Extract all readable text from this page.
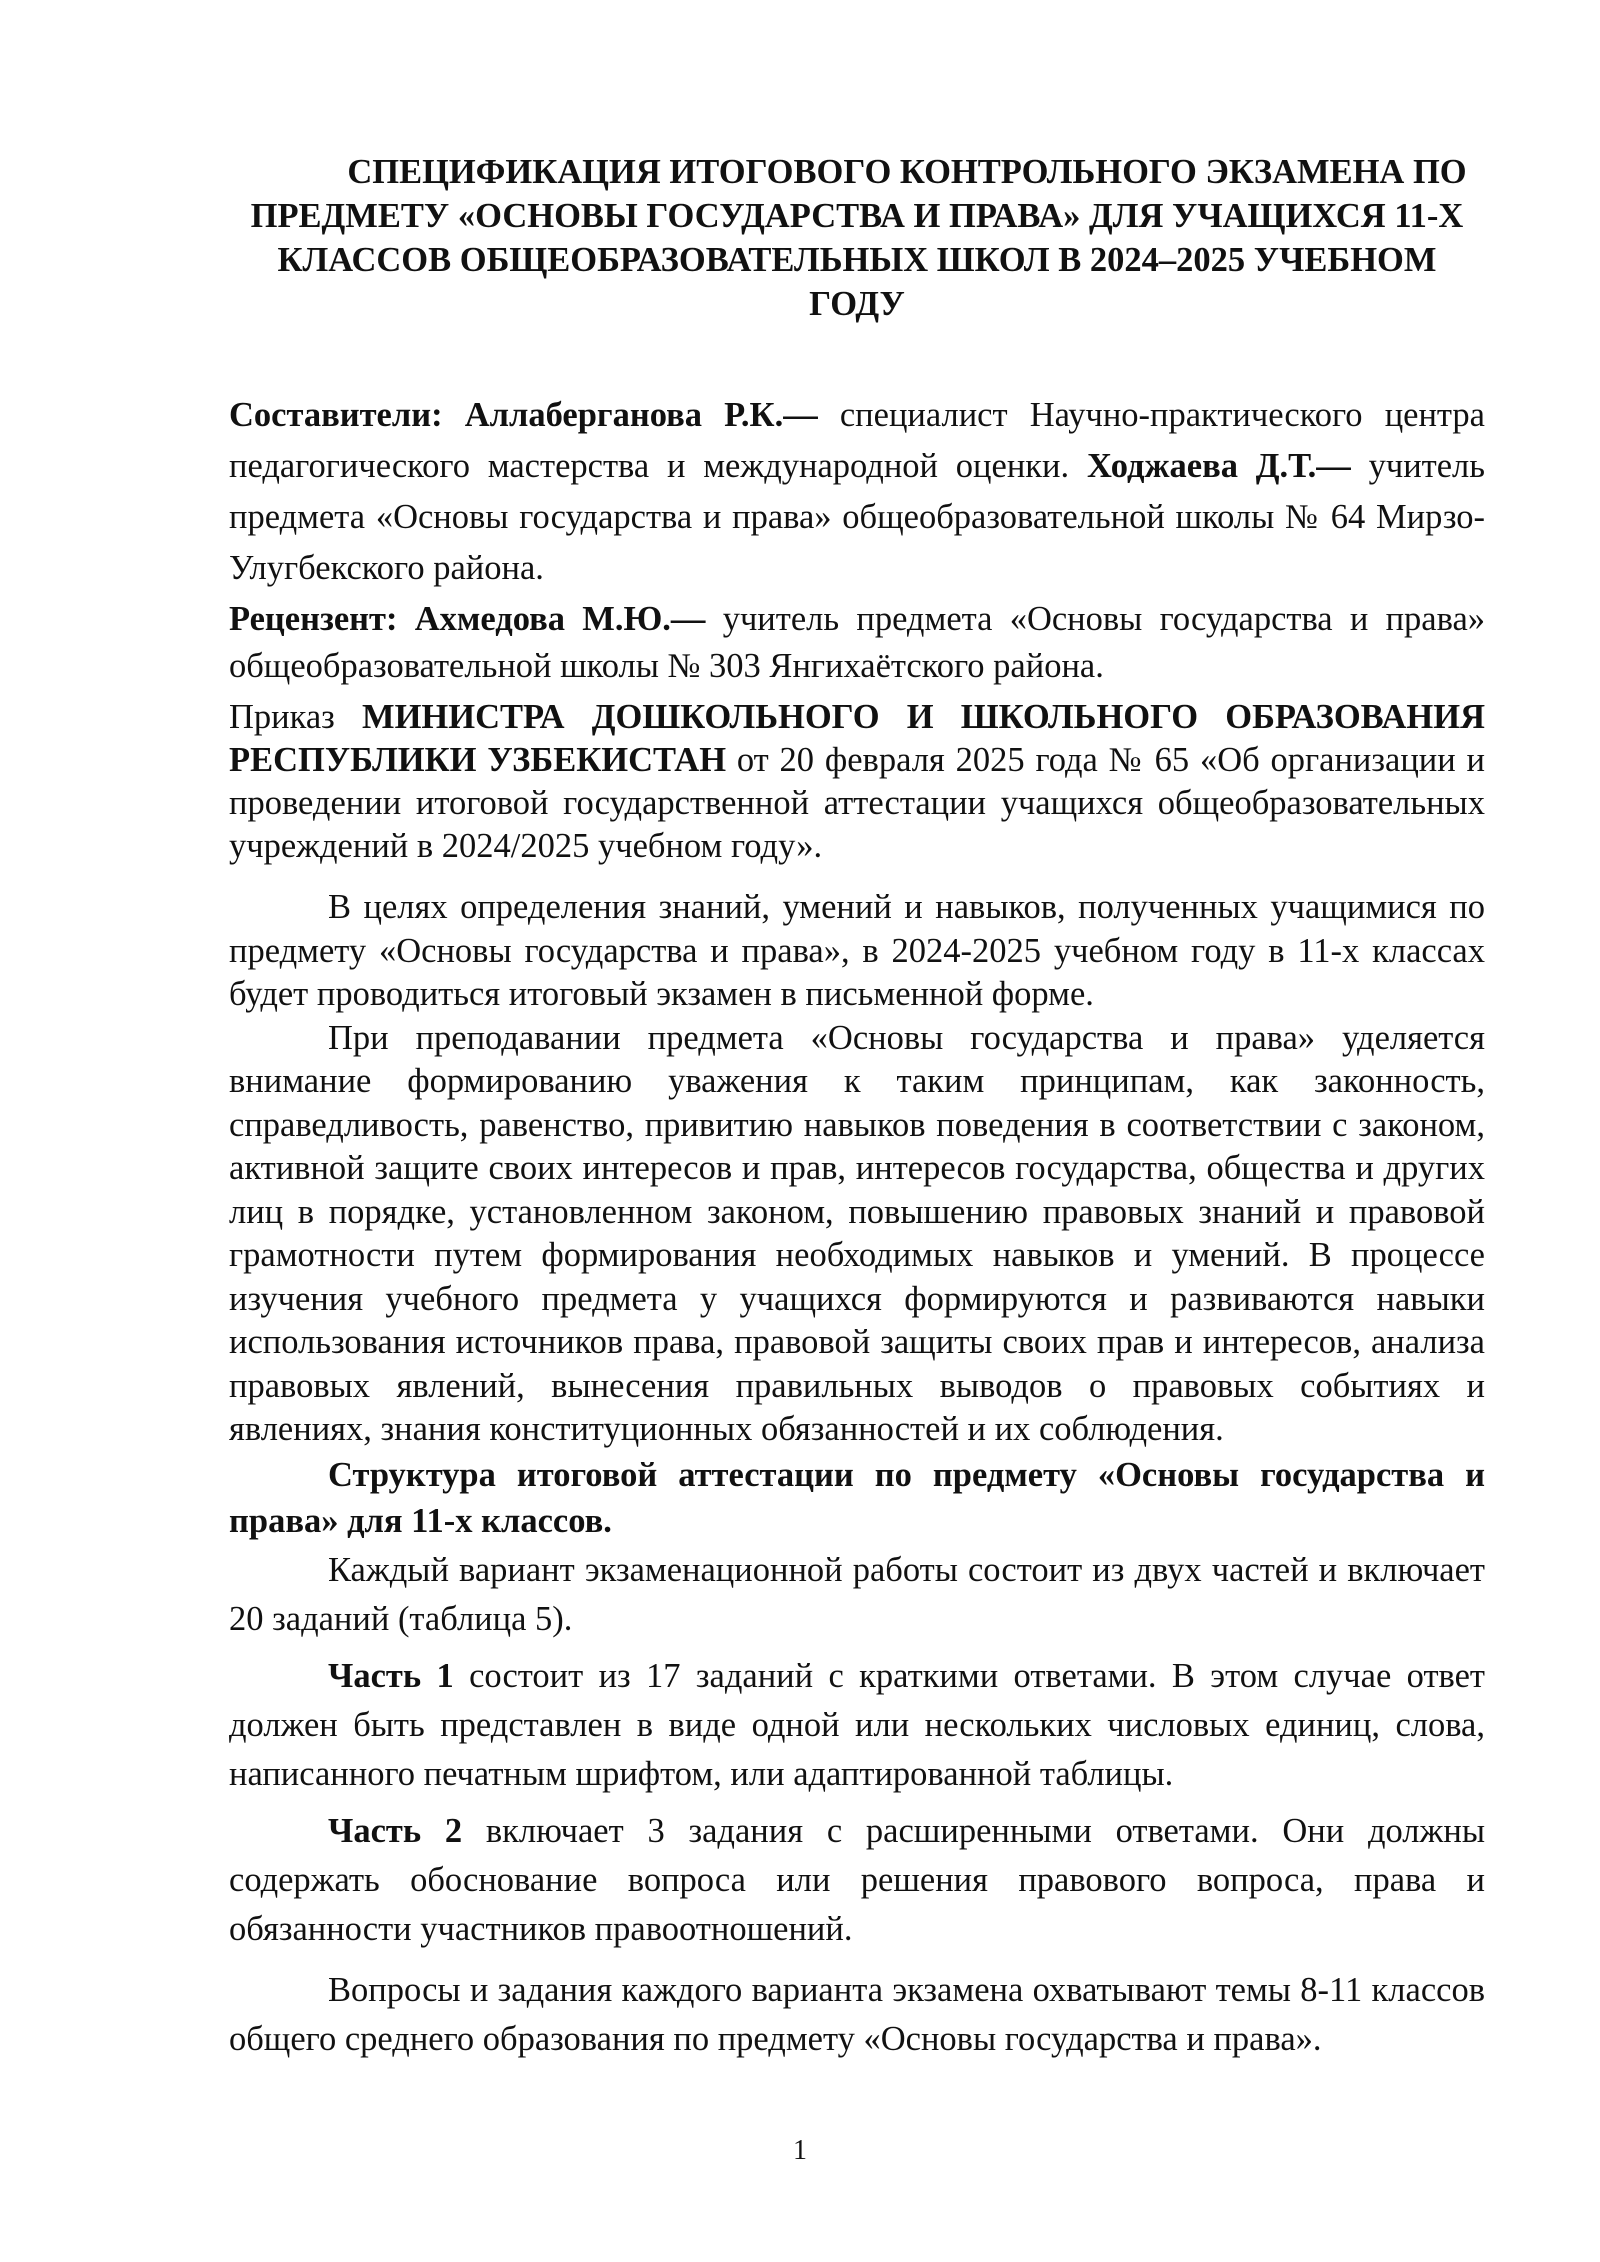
СПЕЦИФИКАЦИЯ ИТОГОВОГО КОНТРОЛЬНОГО ЭКЗАМЕНА ПО ПРЕДМЕТУ «ОСНОВЫ ГОСУДАРСТВА И ПРАВА» ДЛЯ УЧАЩИХСЯ 11-Х КЛАССОВ ОБЩЕОБРАЗОВАТЕЛЬНЫХ ШКОЛ В 2024–2025 УЧЕБНОМ ГОДУ

Составители: Аллаберганова Р.К.— специалист Научно-практического центра педагогического мастерства и международной оценки. Ходжаева Д.Т.— учитель предмета «Основы государства и права» общеобразовательной школы № 64 Мирзо-Улугбекского района.

Рецензент: Ахмедова М.Ю.— учитель предмета «Основы государства и права» общеобразовательной школы № 303 Янгихаётского района.

Приказ МИНИСТРА ДОШКОЛЬНОГО И ШКОЛЬНОГО ОБРАЗОВАНИЯ РЕСПУБЛИКИ УЗБЕКИСТАН от 20 февраля 2025 года № 65 «Об организации и проведении итоговой государственной аттестации учащихся общеобразовательных учреждений в 2024/2025 учебном году».

В целях определения знаний, умений и навыков, полученных учащимися по предмету «Основы государства и права», в 2024-2025 учебном году в 11-х классах будет проводиться итоговый экзамен в письменной форме.

При преподавании предмета «Основы государства и права» уделяется внимание формированию уважения к таким принципам, как законность, справедливость, равенство, привитию навыков поведения в соответствии с законом, активной защите своих интересов и прав, интересов государства, общества и других лиц в порядке, установленном законом, повышению правовых знаний и правовой грамотности путем формирования необходимых навыков и умений. В процессе изучения учебного предмета у учащихся формируются и развиваются навыки использования источников права, правовой защиты своих прав и интересов, анализа правовых явлений, вынесения правильных выводов о правовых событиях и явлениях, знания конституционных обязанностей и их соблюдения.

Структура итоговой аттестации по предмету «Основы государства и права» для 11-х классов.

Каждый вариант экзаменационной работы состоит из двух частей и включает 20 заданий (таблица 5).

Часть 1 состоит из 17 заданий с краткими ответами. В этом случае ответ должен быть представлен в виде одной или нескольких числовых единиц, слова, написанного печатным шрифтом, или адаптированной таблицы.

Часть 2 включает 3 задания с расширенными ответами. Они должны содержать обоснование вопроса или решения правового вопроса, права и обязанности участников правоотношений.

Вопросы и задания каждого варианта экзамена охватывают темы 8-11 классов общего среднего образования по предмету «Основы государства и права».

1
